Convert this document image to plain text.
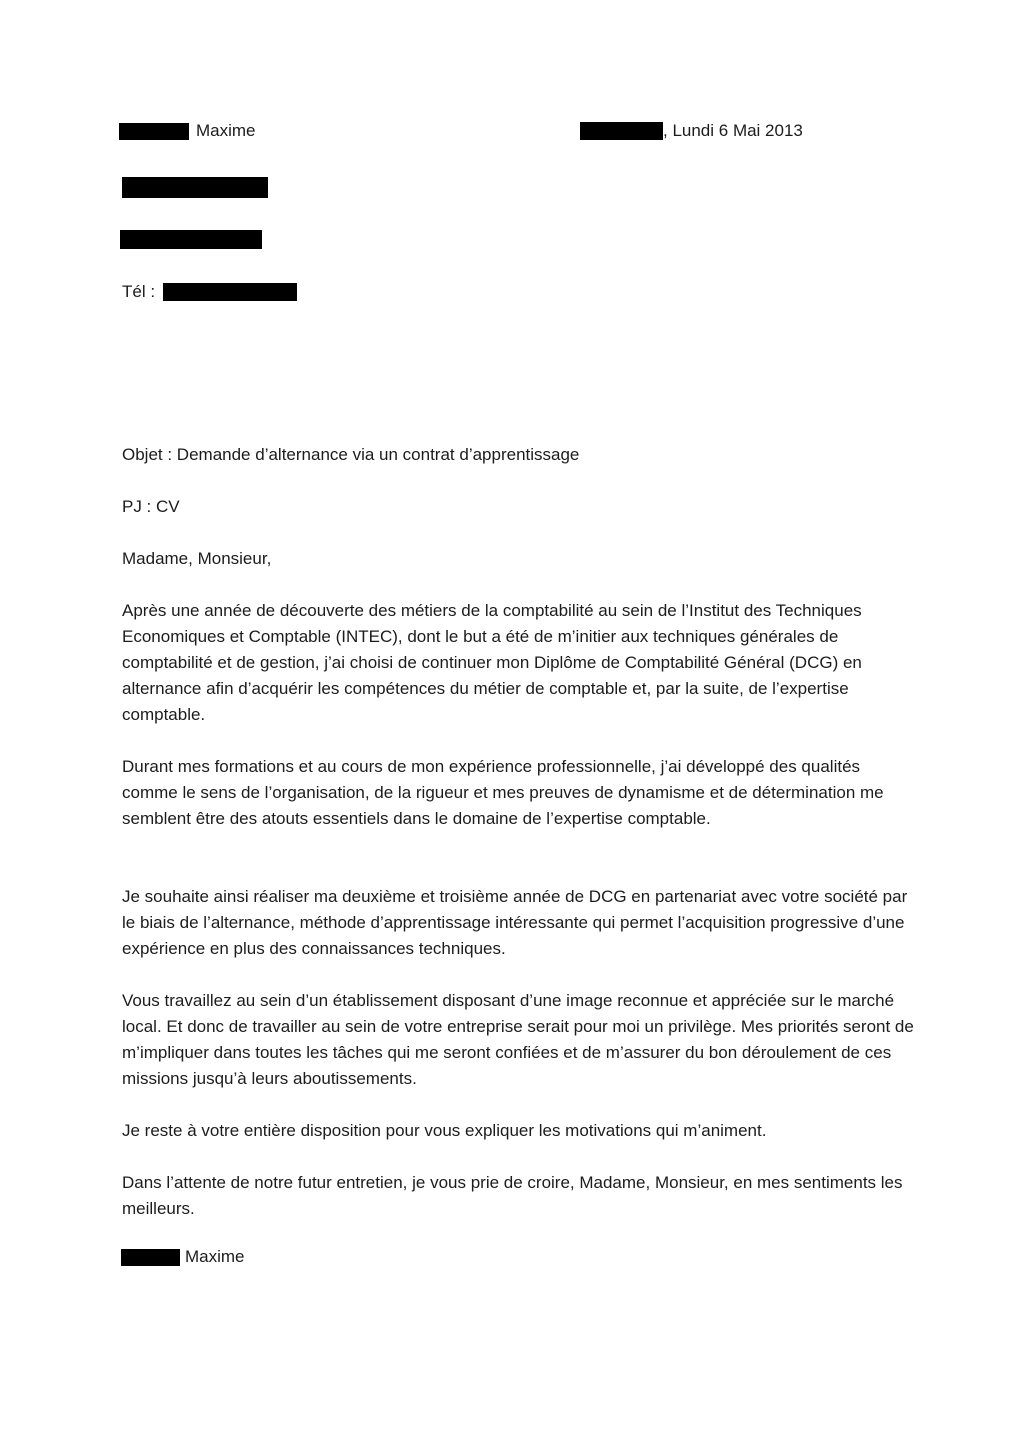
Maxime	, Lundi 6 Mai 2013
Tél :
Objet : Demande d’alternance via un contrat d’apprentissage
PJ : CV
Madame, Monsieur,
Après une année de découverte des métiers de la comptabilité au sein de l’Institut des Techniques Economiques et Comptable (INTEC), dont le but a été de m’initier aux techniques générales de comptabilité et de gestion, j’ai choisi de continuer mon Diplôme de Comptabilité Général (DCG) en alternance afin d’acquérir les compétences du métier de comptable et, par la suite, de l’expertise comptable.
Durant mes formations et au cours de mon expérience professionnelle, j’ai développé des qualités comme le sens de l’organisation, de la rigueur et mes preuves de dynamisme et de détermination me semblent être des atouts essentiels dans le domaine de l’expertise comptable.
Je souhaite ainsi réaliser ma deuxième et troisième année de DCG en partenariat avec votre société par le biais de l’alternance, méthode d’apprentissage intéressante qui permet l’acquisition progressive d’une expérience en plus des connaissances techniques.
Vous travaillez au sein d’un établissement disposant d’une image reconnue et appréciée sur le marché local. Et donc de travailler au sein de votre entreprise serait pour moi un privilège. Mes priorités seront de m’impliquer dans toutes les tâches qui me seront confiées et de m’assurer du bon déroulement de ces missions jusqu’à leurs aboutissements.
Je reste à votre entière disposition pour vous expliquer les motivations qui m’animent.
Dans l’attente de notre futur entretien, je vous prie de croire, Madame, Monsieur, en mes sentiments les meilleurs.
Maxime
